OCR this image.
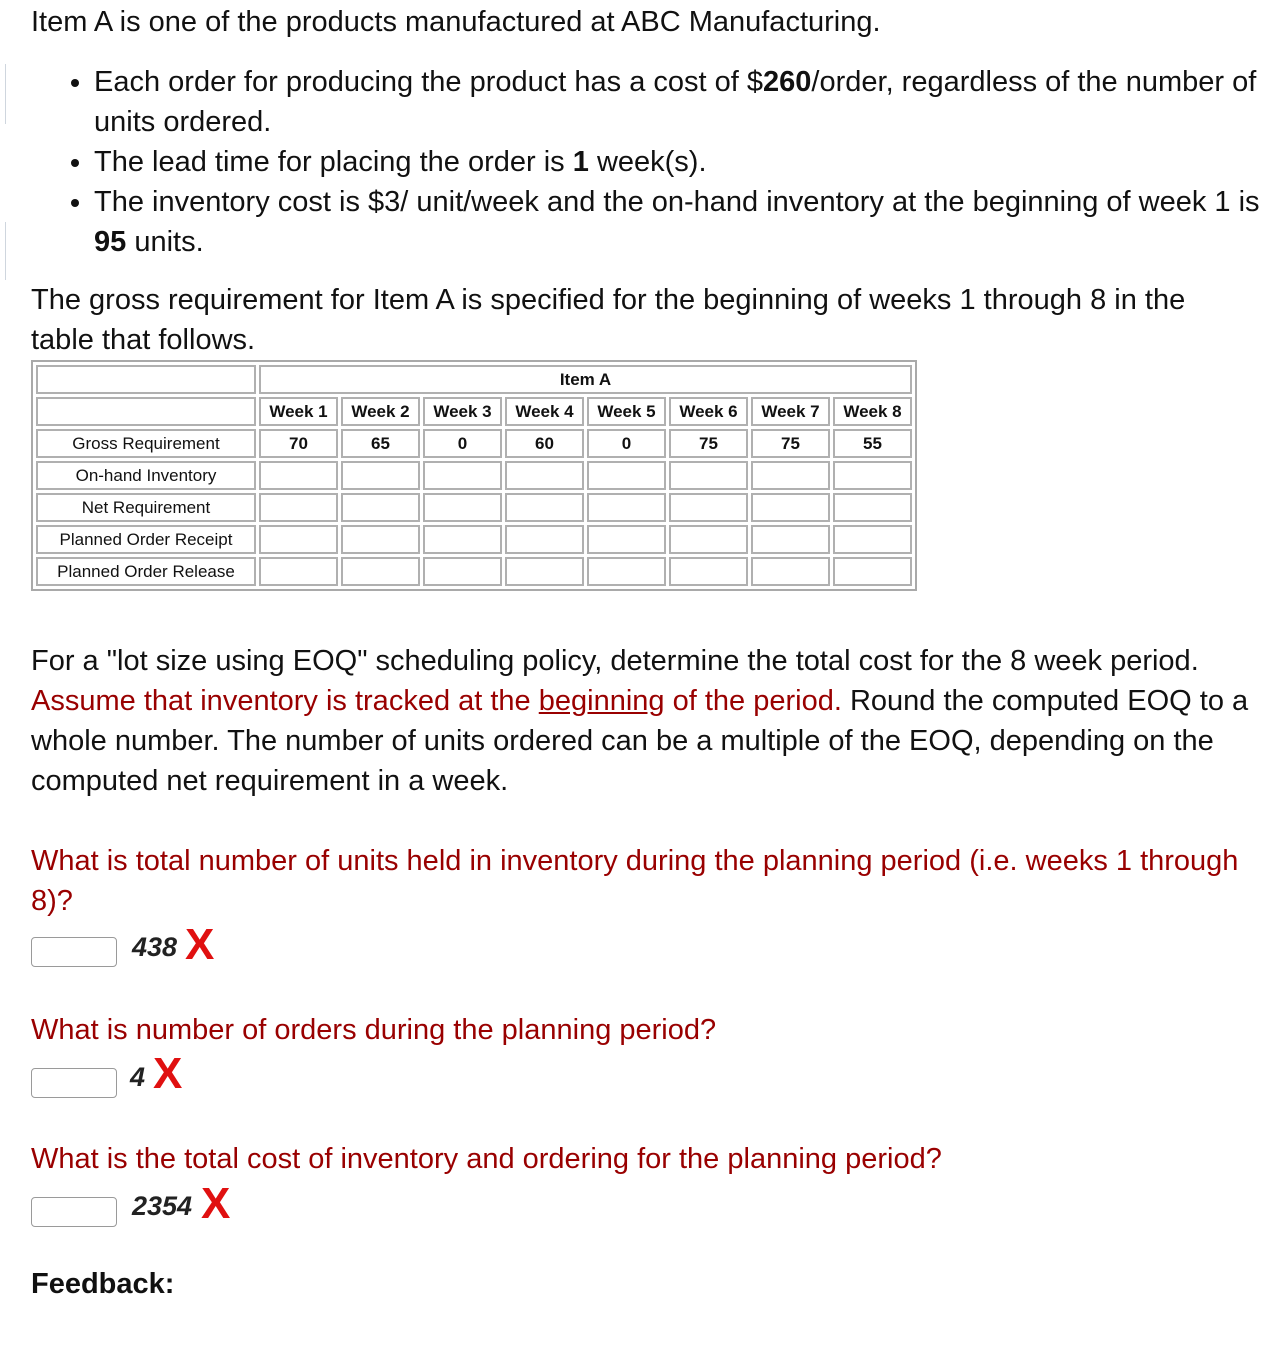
Item A is one of the products manufactured at ABC Manufacturing.

• Each order for producing the product has a cost of $260/order, regardless of the number of units ordered.
• The lead time for placing the order is 1 week(s).
• The inventory cost is $3/ unit/week and the on-hand inventory at the beginning of week 1 is 95 units.

The gross requirement for Item A is specified for the beginning of weeks 1 through 8 in the table that follows.

	Item A							
	Week 1	Week 2	Week 3	Week 4	Week 5	Week 6	Week 7	Week 8
Gross Requirement	70	65	0	60	0	75	75	55
On-hand Inventory								
Net Requirement								
Planned Order Receipt								
Planned Order Release								

For a "lot size using EOQ" scheduling policy, determine the total cost for the 8 week period. Assume that inventory is tracked at the beginning of the period. Round the computed EOQ to a whole number. The number of units ordered can be a multiple of the EOQ, depending on the computed net requirement in a week.

What is total number of units held in inventory during the planning period (i.e. weeks 1 through 8)?

438 X

What is number of orders during the planning period?

4 X

What is the total cost of inventory and ordering for the planning period?

2354 X
Feedback:
